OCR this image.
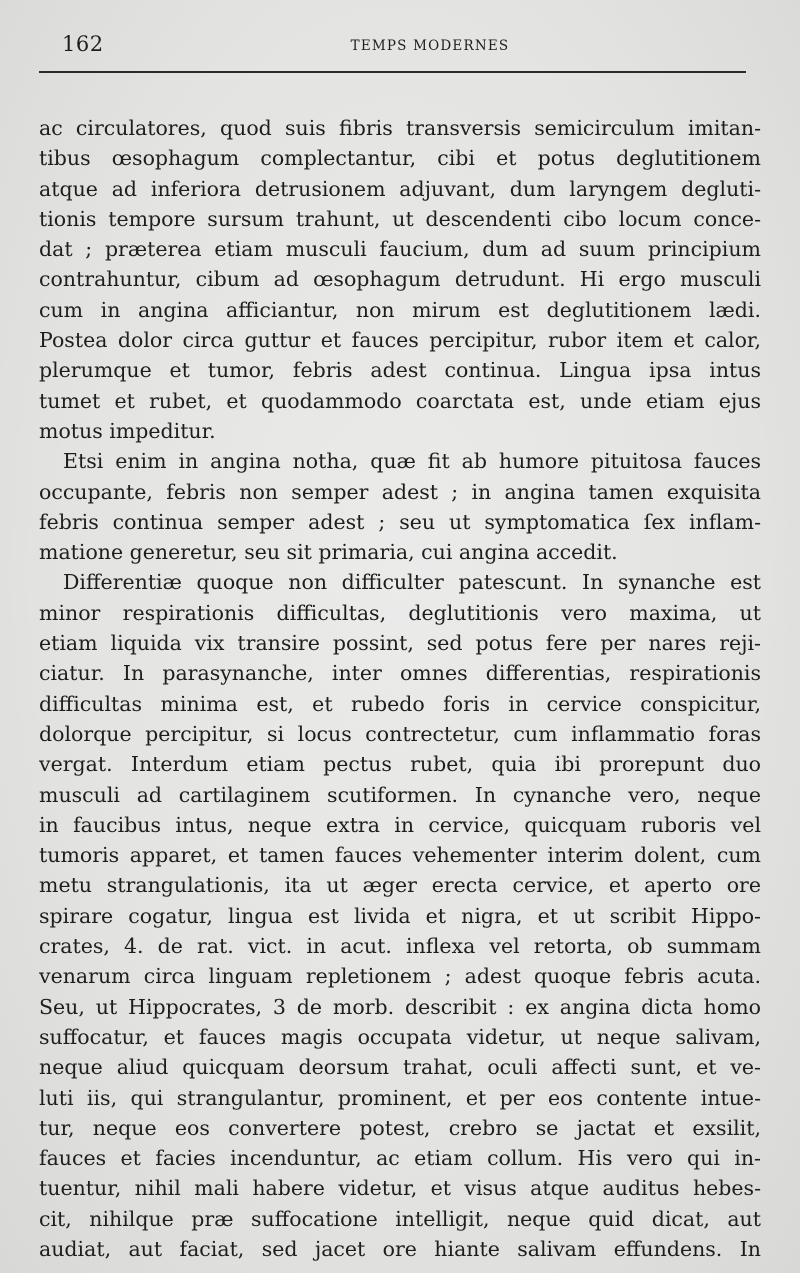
162	TEMPS MODERNES
ac circulatores, quod suis fibris transversis semicirculum imitan-
tibus œsophagum complectantur, cibi et potus deglutitionem
atque ad inferiora detrusionem adjuvant, dum laryngem degluti-
tionis tempore sursum trahunt, ut descendenti cibo locum conce-
dat ; præterea etiam musculi faucium, dum ad suum principium
contrahuntur, cibum ad œsophagum detrudunt. Hi ergo musculi
cum in angina afficiantur, non mirum est deglutitionem lædi.
Postea dolor circa guttur et fauces percipitur, rubor item et calor,
plerumque et tumor, febris adest continua. Lingua ipsa intus
tumet et rubet, et quodammodo coarctata est, unde etiam ejus
motus impeditur.
Etsi enim in angina notha, quæ fit ab humore pituitosa fauces
occupante, febris non semper adest ; in angina tamen exquisita
febris continua semper adest ; seu ut symptomatica ſex inflam-
matione generetur, seu sit primaria, cui angina accedit.
Differentiæ quoque non difficulter patescunt. In synanche est
minor respirationis difficultas, deglutitionis vero maxima, ut
etiam liquida vix transire possint, sed potus fere per nares reji-
ciatur. In parasynanche, inter omnes differentias, respirationis
difficultas minima est, et rubedo foris in cervice conspicitur,
dolorque percipitur, si locus contrectetur, cum inflammatio foras
vergat. Interdum etiam pectus rubet, quia ibi prorepunt duo
musculi ad cartilaginem scutiformen. In cynanche vero, neque
in faucibus intus, neque extra in cervice, quicquam ruboris vel
tumoris apparet, et tamen fauces vehementer interim dolent, cum
metu strangulationis, ita ut æger erecta cervice, et aperto ore
spirare cogatur, lingua est livida et nigra, et ut scribit Hippo-
crates, 4. de rat. vict. in acut. inflexa vel retorta, ob summam
venarum circa linguam repletionem ; adest quoque febris acuta.
Seu, ut Hippocrates, 3 de morb. describit : ex angina dicta homo
suffocatur, et fauces magis occupata videtur, ut neque salivam,
neque aliud quicquam deorsum trahat, oculi affecti sunt, et ve-
luti iis, qui strangulantur, prominent, et per eos contente intue-
tur, neque eos convertere potest, crebro se jactat et exsilit,
fauces et facies incenduntur, ac etiam collum. His vero qui in-
tuentur, nihil mali habere videtur, et visus atque auditus hebes-
cit, nihilque præ suffocatione intelligit, neque quid dicat, aut
audiat, aut faciat, sed jacet ore hiante salivam effundens. In
